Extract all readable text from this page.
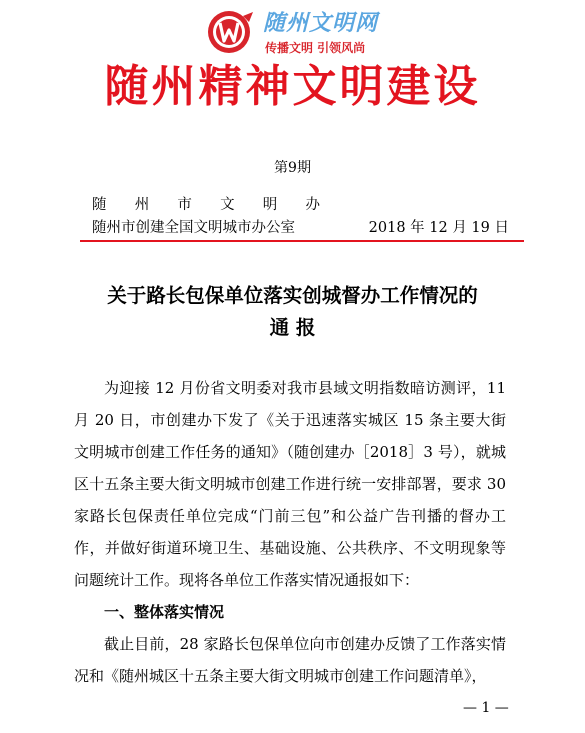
随州文明网
传播文明 引领风尚
随州精神文明建设
第9期
随州市文明办
随州市创建全国文明城市办公室	2018 年 12 月 19 日
关于路长包保单位落实创城督办工作情况的
通 报

为迎接 12 月份省文明委对我市县域文明指数暗访测评，11 月 20 日，市创建办下发了《关于迅速落实城区 15 条主要大街文明城市创建工作任务的通知》（随创建办［2018］3 号），就城区十五条主要大街文明城市创建工作进行统一安排部署，要求 30 家路长包保责任单位完成“门前三包”和公益广告刊播的督办工作，并做好街道环境卫生、基础设施、公共秩序、不文明现象等问题统计工作。现将各单位工作落实情况通报如下：

一、整体落实情况

截止目前，28 家路长包保单位向市创建办反馈了工作落实情况和《随州城区十五条主要大街文明城市创建工作问题清单》，

— 1 —
